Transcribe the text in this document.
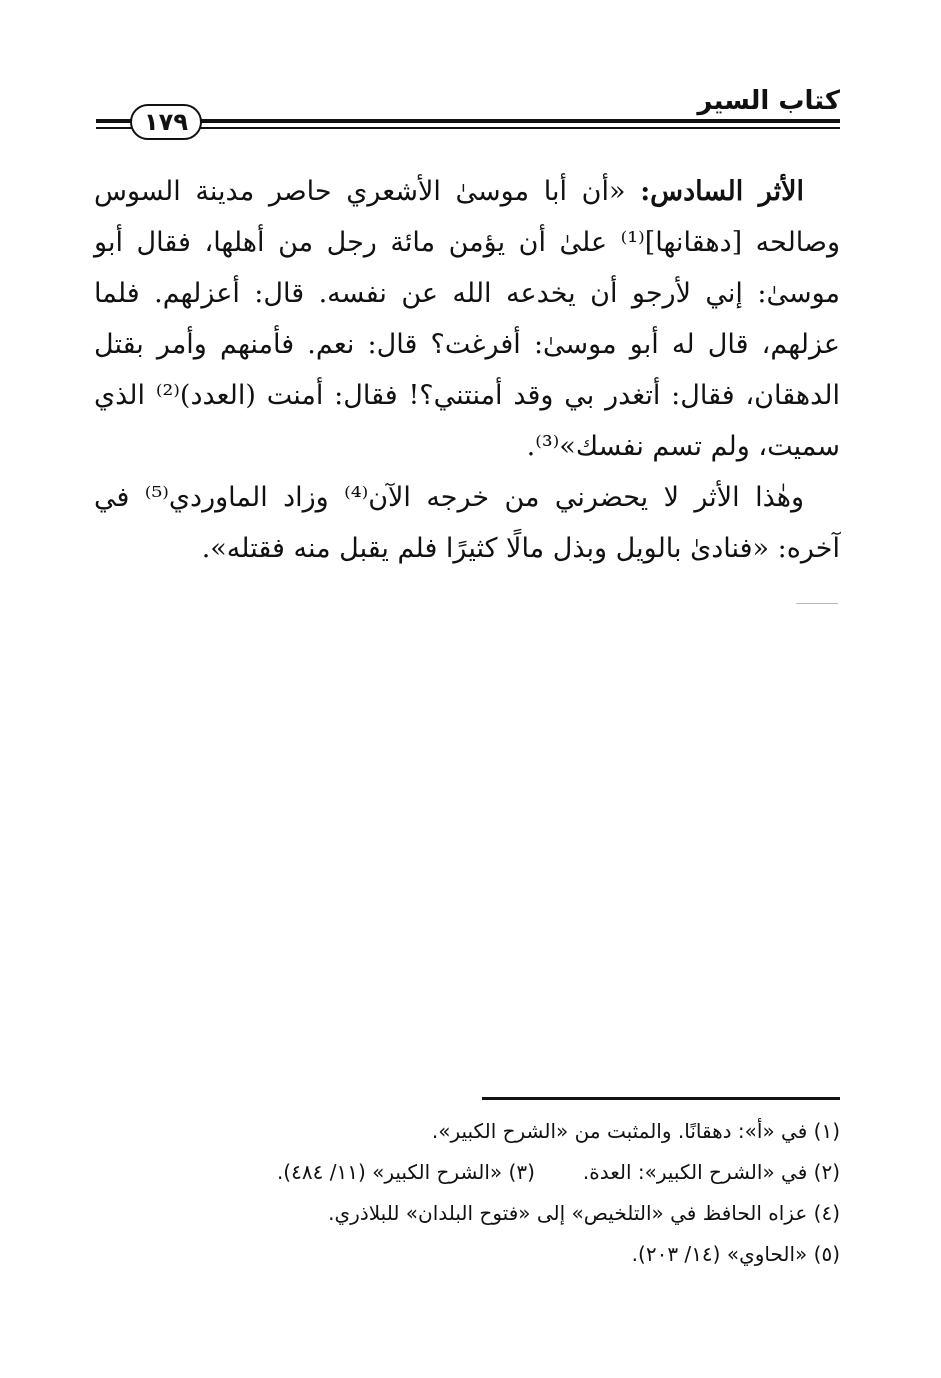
كتاب السير
١٧٩

الأثر السادس: «أن أبا موسىٰ الأشعري حاصر مدينة السوس وصالحه [دهقانها]⁽¹⁾ علىٰ أن يؤمن مائة رجل من أهلها، فقال أبو موسىٰ: إني لأرجو أن يخدعه الله عن نفسه. قال: أعزلهم. فلما عزلهم، قال له أبو موسىٰ: أفرغت؟ قال: نعم. فأمنهم وأمر بقتل الدهقان، فقال: أتغدر بي وقد أمنتني؟! فقال: أمنت (العدد)⁽²⁾ الذي سميت، ولم تسم نفسك»⁽³⁾.

وهٰذا الأثر لا يحضرني من خرجه الآن⁽⁴⁾ وزاد الماوردي⁽⁵⁾ في آخره: «فنادىٰ بالويل وبذل مالًا كثيرًا فلم يقبل منه فقتله».

(١) في «أ»: دهقانًا. والمثبت من «الشرح الكبير».
(٢) في «الشرح الكبير»: العدة.
(٣) «الشرح الكبير» (١١/ ٤٨٤).
(٤) عزاه الحافظ في «التلخيص» إلى «فتوح البلدان» للبلاذري.
(٥) «الحاوي» (١٤/ ٢٠٣).
